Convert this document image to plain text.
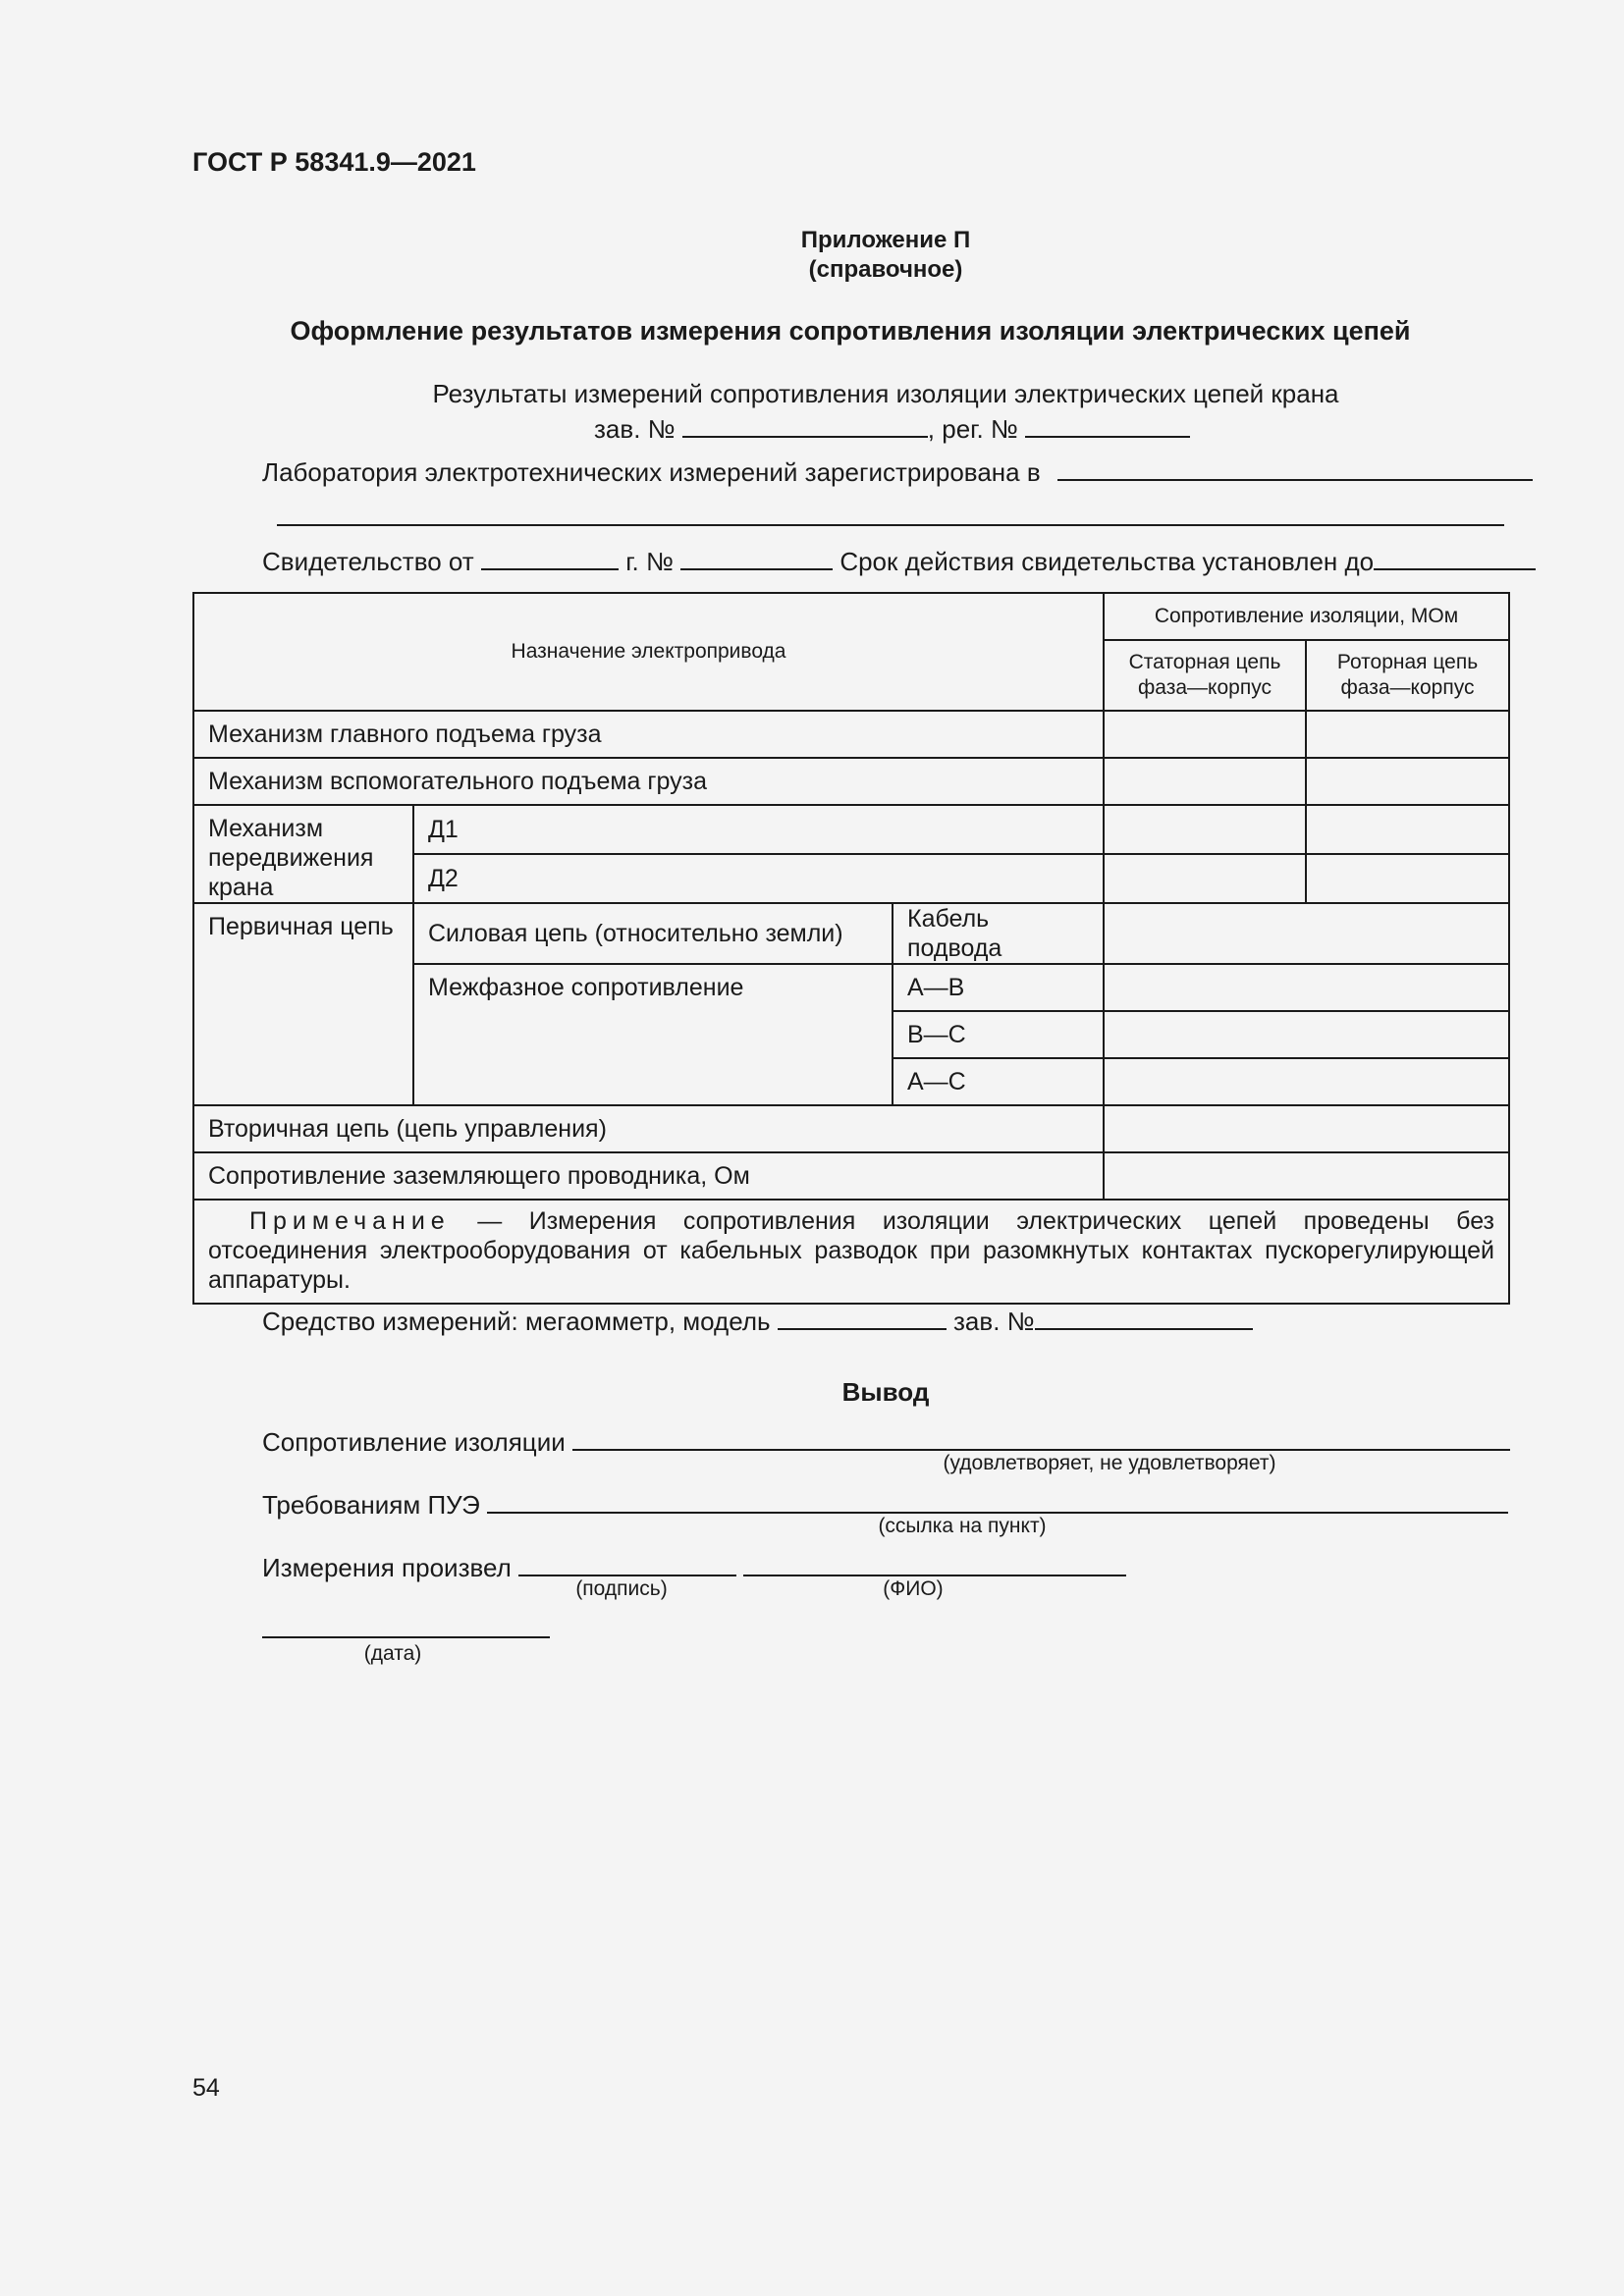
ГОСТ Р 58341.9—2021
Приложение П
(справочное)
Оформление результатов измерения сопротивления изоляции электрических цепей
Результаты измерений сопротивления изоляции электрических цепей крана
зав. №	, рег. №
Лаборатория электротехнических измерений зарегистрирована в
Свидетельство от	г. №	Срок действия свидетельства установлен до
Назначение электропривода			Сопротивление изоляции, МОм	
			Статорная цепь фаза—корпус	Роторная цепь фаза—корпус
Механизм главного подъема груза				
Механизм вспомогательного подъема груза				
Механизм передвижения крана	Д1			
	Д2			
Первичная цепь	Силовая цепь (относительно земли)	Кабель подвода		
	Межфазное сопротивление	А—В		
		В—С		
		А—С		
Вторичная цепь (цепь управления)				
Сопротивление заземляющего проводника, Ом				
Примечание — Измерения сопротивления изоляции электрических цепей проведены без отсоединения электрооборудования от кабельных разводок при разомкнутых контактах пускорегулирующей аппаратуры.				
Средство измерений: мегаомметр, модель	зав. №
Вывод
Сопротивление изоляции
(удовлетворяет, не удовлетворяет)
Требованиям ПУЭ
(ссылка на пункт)
Измерения произвел
(подпись)	(ФИО)
(дата)
54
